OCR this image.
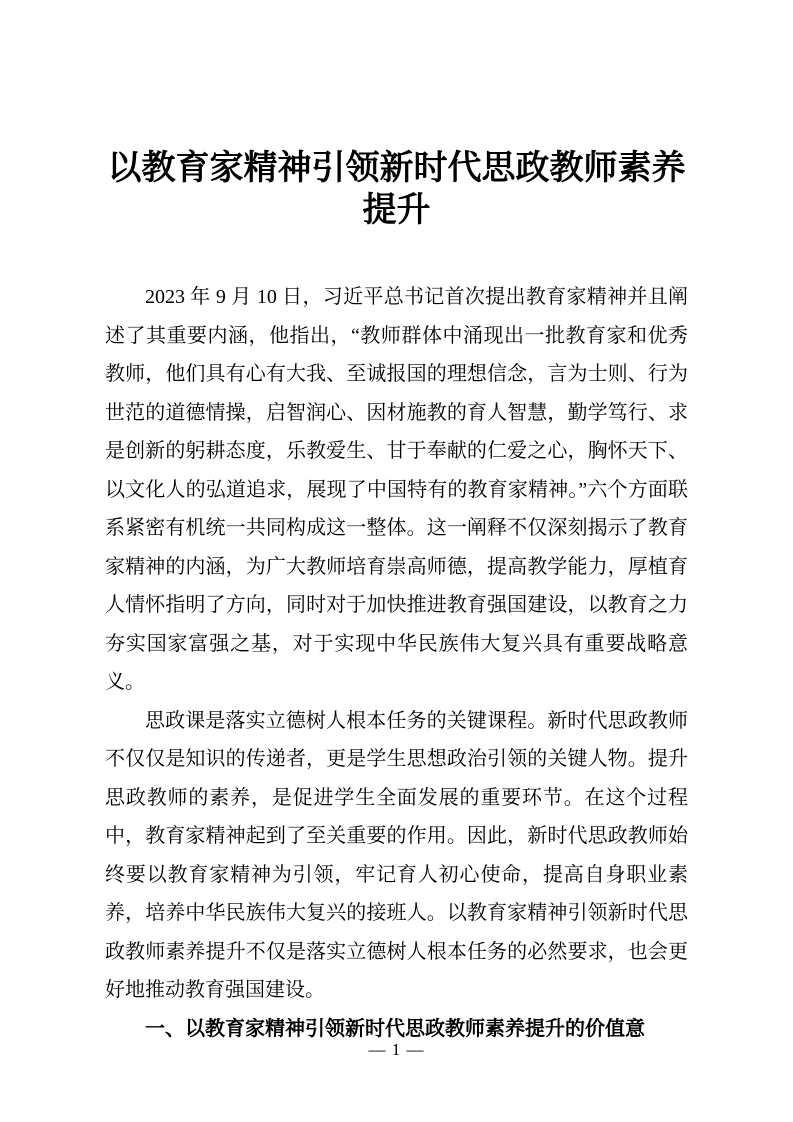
以教育家精神引领新时代思政教师素养提升

2023 年 9 月 10 日，习近平总书记首次提出教育家精神并且阐述了其重要内涵，他指出，“教师群体中涌现出一批教育家和优秀教师，他们具有心有大我、至诚报国的理想信念，言为士则、行为世范的道德情操，启智润心、因材施教的育人智慧，勤学笃行、求是创新的躬耕态度，乐教爱生、甘于奉献的仁爱之心，胸怀天下、以文化人的弘道追求，展现了中国特有的教育家精神。”六个方面联系紧密有机统一共同构成这一整体。这一阐释不仅深刻揭示了教育家精神的内涵，为广大教师培育崇高师德，提高教学能力，厚植育人情怀指明了方向，同时对于加快推进教育强国建设，以教育之力夯实国家富强之基，对于实现中华民族伟大复兴具有重要战略意义。

思政课是落实立德树人根本任务的关键课程。新时代思政教师不仅仅是知识的传递者，更是学生思想政治引领的关键人物。提升思政教师的素养，是促进学生全面发展的重要环节。在这个过程中，教育家精神起到了至关重要的作用。因此，新时代思政教师始终要以教育家精神为引领，牢记育人初心使命，提高自身职业素养，培养中华民族伟大复兴的接班人。以教育家精神引领新时代思政教师素养提升不仅是落实立德树人根本任务的必然要求，也会更好地推动教育强国建设。

一、以教育家精神引领新时代思政教师素养提升的价值意

— 1 —
